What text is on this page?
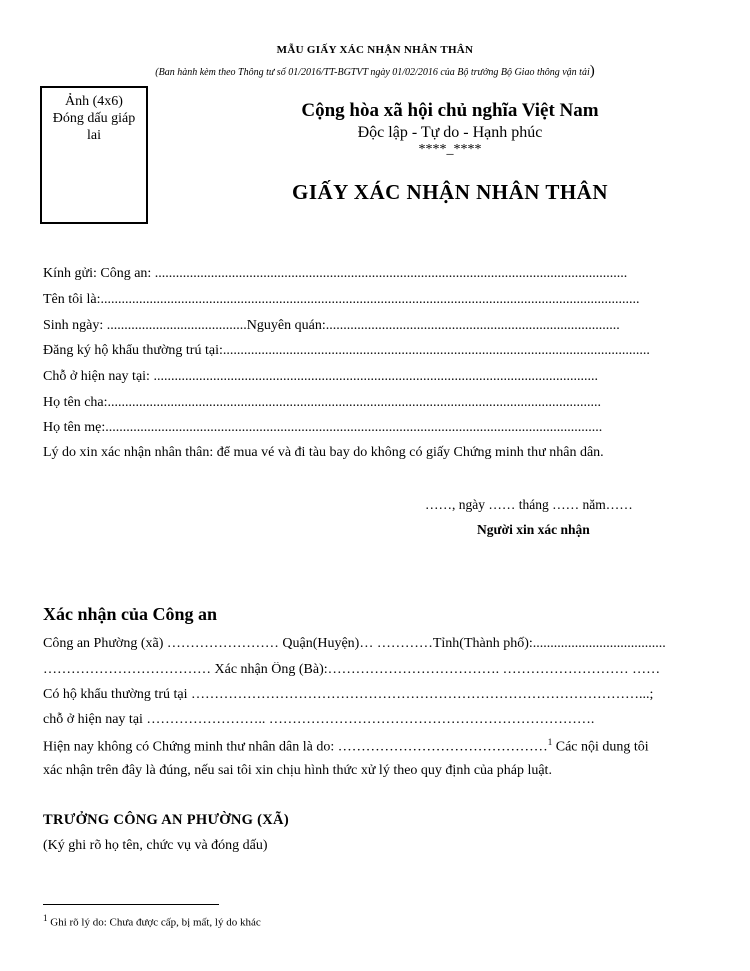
MẪU GIẤY XÁC NHẬN NHÂN THÂN
(Ban hành kèm theo Thông tư số 01/2016/TT-BGTVT ngày 01/02/2016 của Bộ trưởng Bộ Giao thông vận tải)
Ảnh (4x6)
Đóng dấu giáp
lai
Cộng hòa xã hội chủ nghĩa Việt Nam
Độc lập - Tự do - Hạnh phúc
****_****
GIẤY XÁC NHẬN NHÂN THÂN
Kính gửi: Công an: .......................................................................................................................................
Tên tôi là:..........................................................................................................................................................
Sinh ngày: ........................................Nguyên quán:....................................................................................
Đăng ký hộ khẩu thường trú tại:..........................................................................................................................
Chỗ ở hiện nay tại: ...............................................................................................................................
Họ tên cha:.............................................................................................................................................
Họ tên mẹ:..............................................................................................................................................
Lý do xin xác nhận nhân thân: để mua vé và đi tàu bay do không có giấy Chứng minh thư nhân dân.
……, ngày …… tháng …… năm……
Người xin xác nhận
Xác nhận của Công an
Công an Phường (xã) …………………… Quận(Huyện)… …………Tỉnh(Thành phố):......................................
……………………………… Xác nhận Ông (Bà):………………………………. ……………………… ……
Có hộ khẩu thường trú tại ……………………………………………………………………………………...;
chỗ ở hiện nay tại …………………….. …………………………………………………………….
Hiện nay không có Chứng minh thư nhân dân là do: ………………………………………$^1$ Các nội dung tôi
xác nhận trên đây là đúng, nếu sai tôi xin chịu hình thức xử lý theo quy định của pháp luật.
TRƯỞNG CÔNG AN PHƯỜNG (XÃ)
(Ký ghi rõ họ tên, chức vụ và đóng dấu)
$^1$ Ghi rõ lý do: Chưa được cấp, bị mất, lý do khác
